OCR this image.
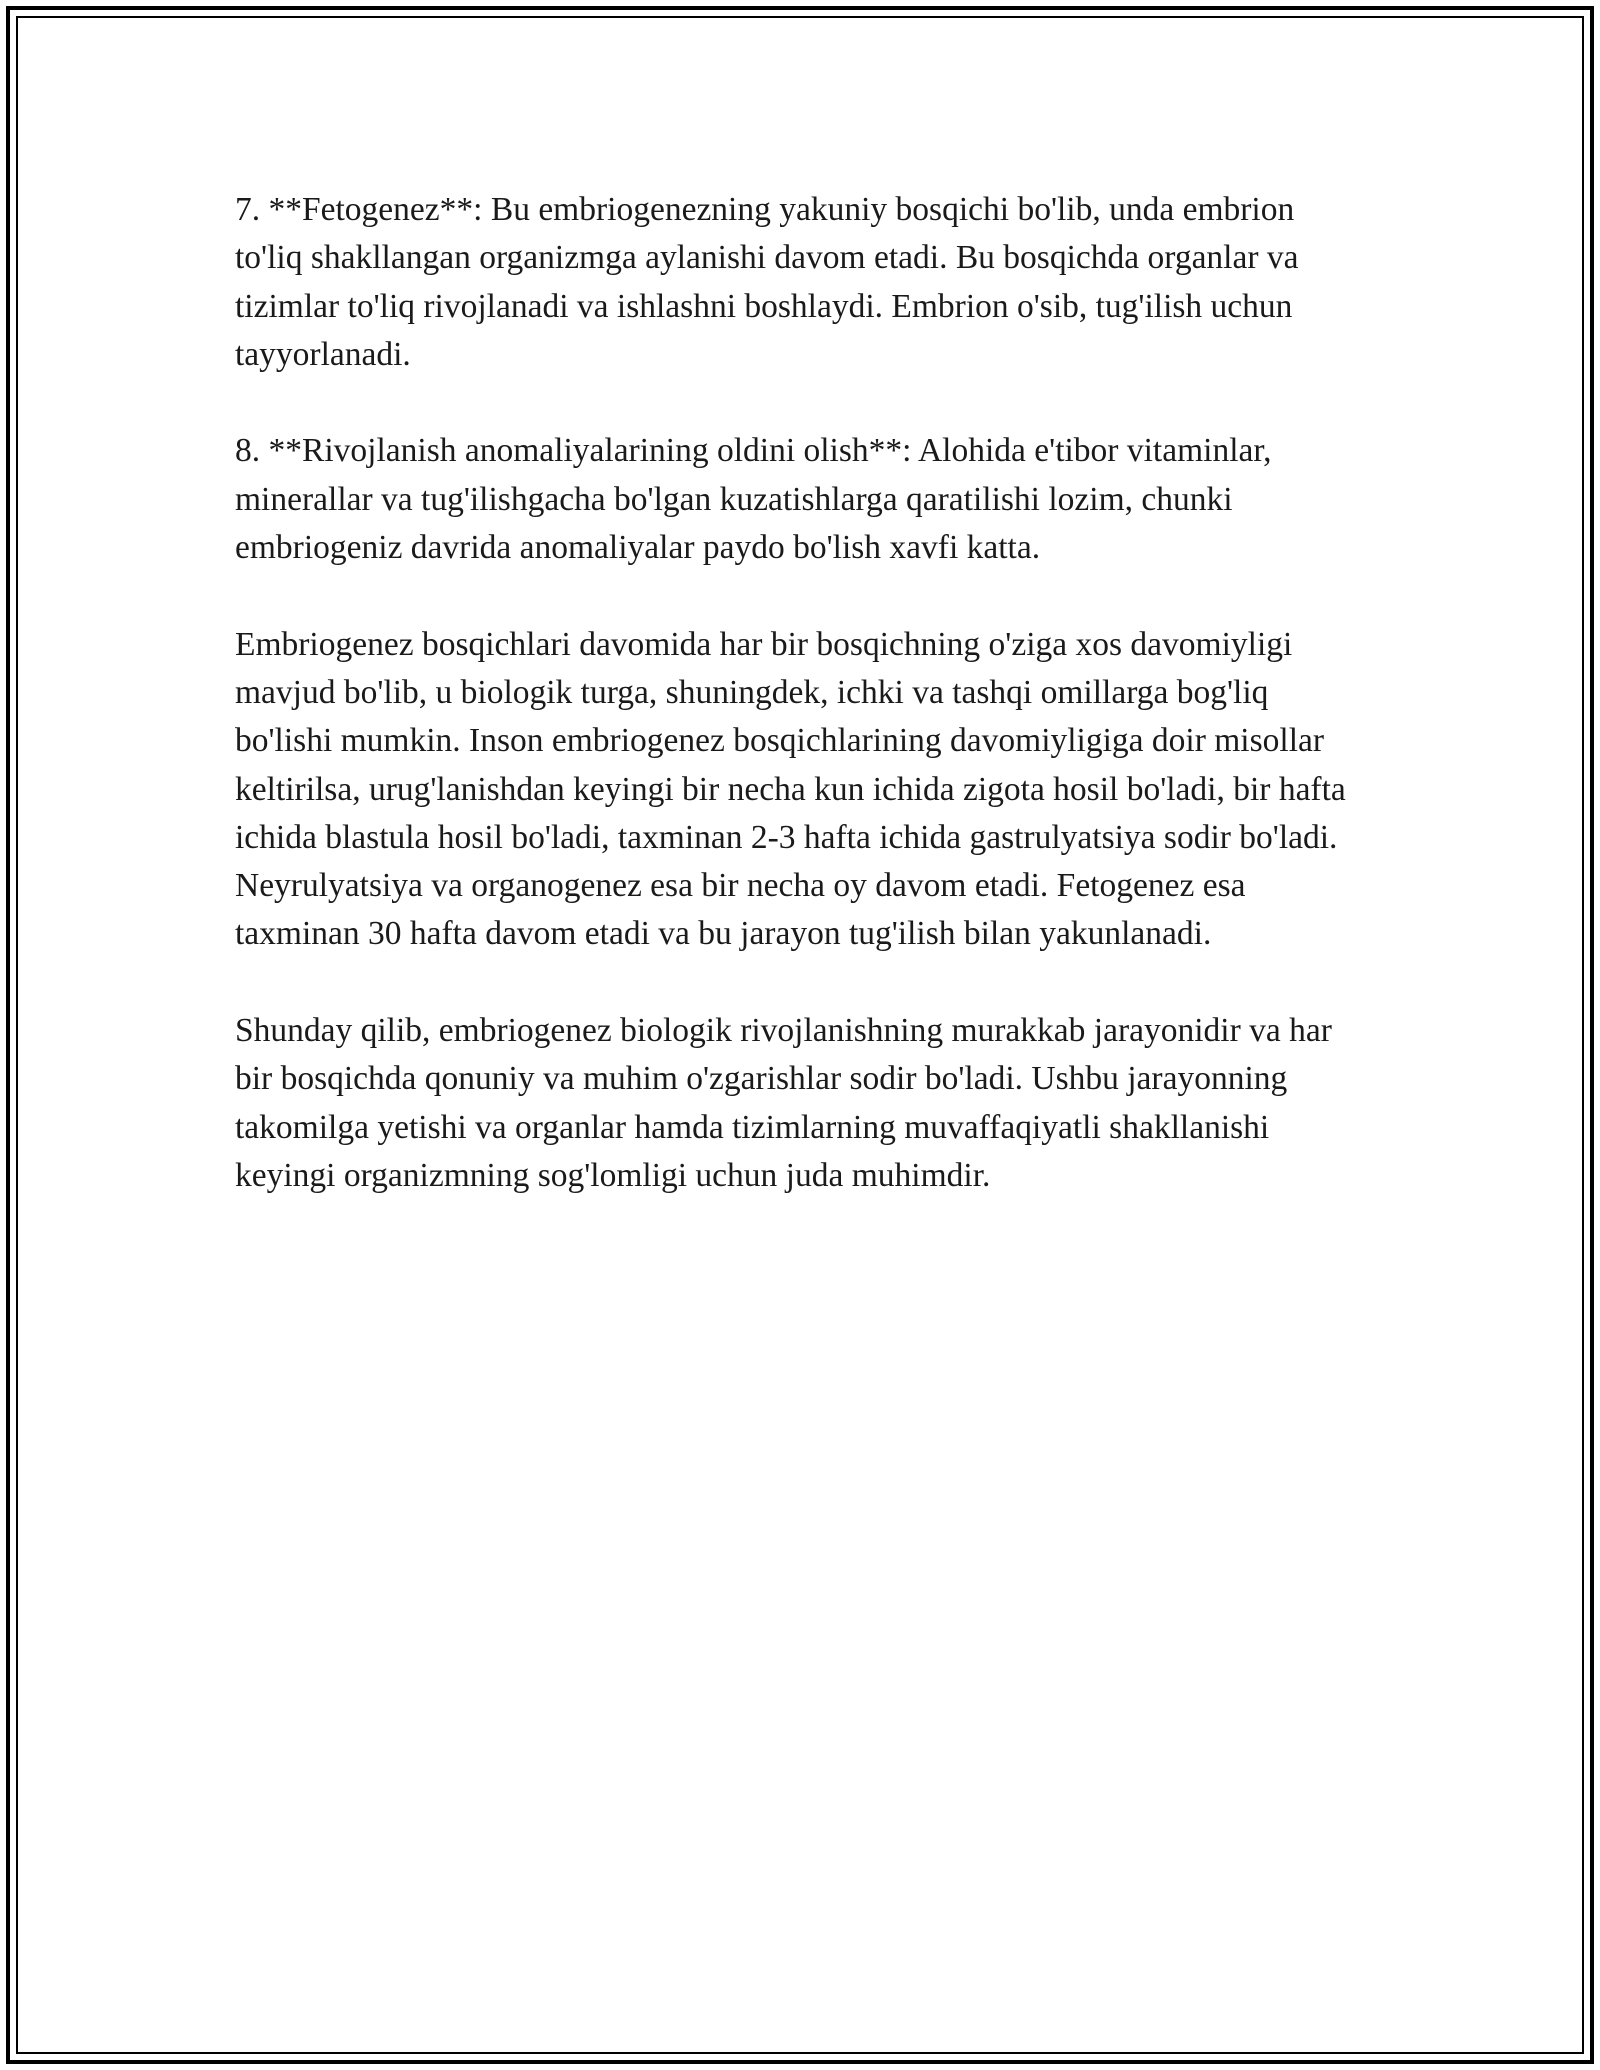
7. **Fetogenez**: Bu embriogenezning yakuniy bosqichi bo'lib, unda embrion to'liq shakllangan organizmga aylanishi davom etadi. Bu bosqichda organlar va tizimlar to'liq rivojlanadi va ishlashni boshlaydi. Embrion o'sib, tug'ilish uchun tayyorlanadi.

8. **Rivojlanish anomaliyalarining oldini olish**: Alohida e'tibor vitaminlar, minerallar va tug'ilishgacha bo'lgan kuzatishlarga qaratilishi lozim, chunki embriogeniz davrida anomaliyalar paydo bo'lish xavfi katta.

Embriogenez bosqichlari davomida har bir bosqichning o'ziga xos davomiyligi mavjud bo'lib, u biologik turga, shuningdek, ichki va tashqi omillarga bog'liq bo'lishi mumkin. Inson embriogenez bosqichlarining davomiyligiga doir misollar keltirilsa, urug'lanishdan keyingi bir necha kun ichida zigota hosil bo'ladi, bir hafta ichida blastula hosil bo'ladi, taxminan 2-3 hafta ichida gastrulyatsiya sodir bo'ladi. Neyrulyatsiya va organogenez esa bir necha oy davom etadi. Fetogenez esa taxminan 30 hafta davom etadi va bu jarayon tug'ilish bilan yakunlanadi.

Shunday qilib, embriogenez biologik rivojlanishning murakkab jarayonidir va har bir bosqichda qonuniy va muhim o'zgarishlar sodir bo'ladi. Ushbu jarayonning takomilga yetishi va organlar hamda tizimlarning muvaffaqiyatli shakllanishi keyingi organizmning sog'lomligi uchun juda muhimdir.
